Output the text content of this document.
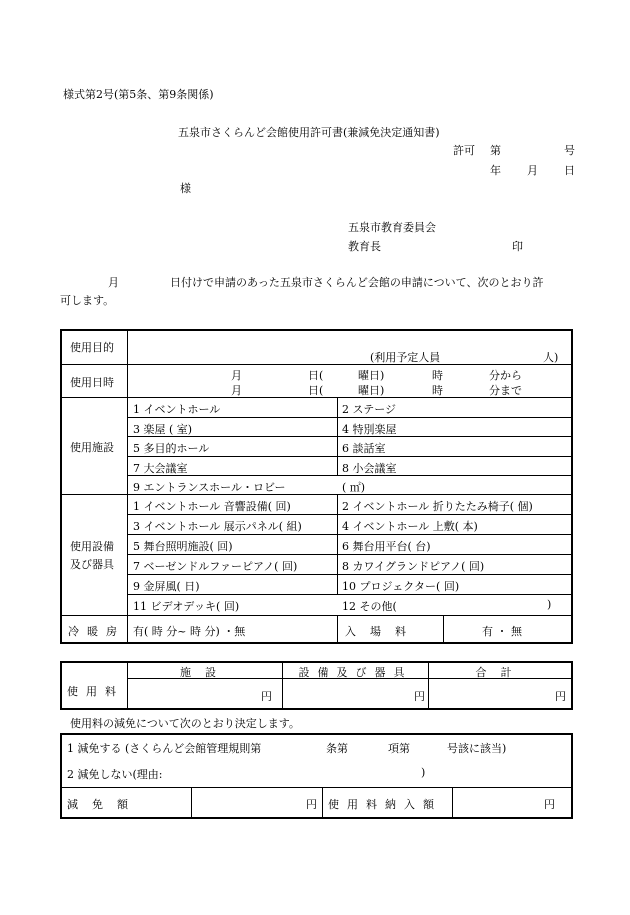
様式第2号(第5条、第9条関係)
五泉市さくらんど会館使用許可書(兼減免決定通知書)
許可 第	号
年 月 日
様
五泉市教育委員会
教育長	印
月	日付けで申請のあった五泉市さくらんど会館の申請について、次のとおり許
可します。
使用目的
(利用予定人員	人)
使用日時
月	日(	曜日)	時	分から
月	日(	曜日)	時	分まで
使用施設
1 イベントホール	2 ステージ
3 楽屋 ( 室)	4 特別楽屋
5 多目的ホール	6 談話室
7 大会議室	8 小会議室
9 エントランスホール・ロビー	( ㎡)
使用設備
及び器具
1 イベントホール 音響設備( 回)	2 イベントホール 折りたたみ椅子( 個)
3 イベントホール 展示パネル( 組)	4 イベントホール 上敷( 本)
5 舞台照明施設( 回)	6 舞台用平台( 台)
7 ベーゼンドルファーピアノ( 回)	8 カワイグランドピアノ( 回)
9 金屏風( 日)	10 プロジェクター( 回)
11 ビデオデッキ( 回)	12 その他(	)
冷暖房 有( 時 分~ 時 分) ・無	入場料	有 ・ 無
使用料
施設	設備及び器具	合計
円	円	円
使用料の減免について次のとおり決定します。
1 減免する (さくらんど会館管理規則第	条第	項第	号該に該当)
2 減免しない(理由:	)
減免額	円 使用料納入額	円
